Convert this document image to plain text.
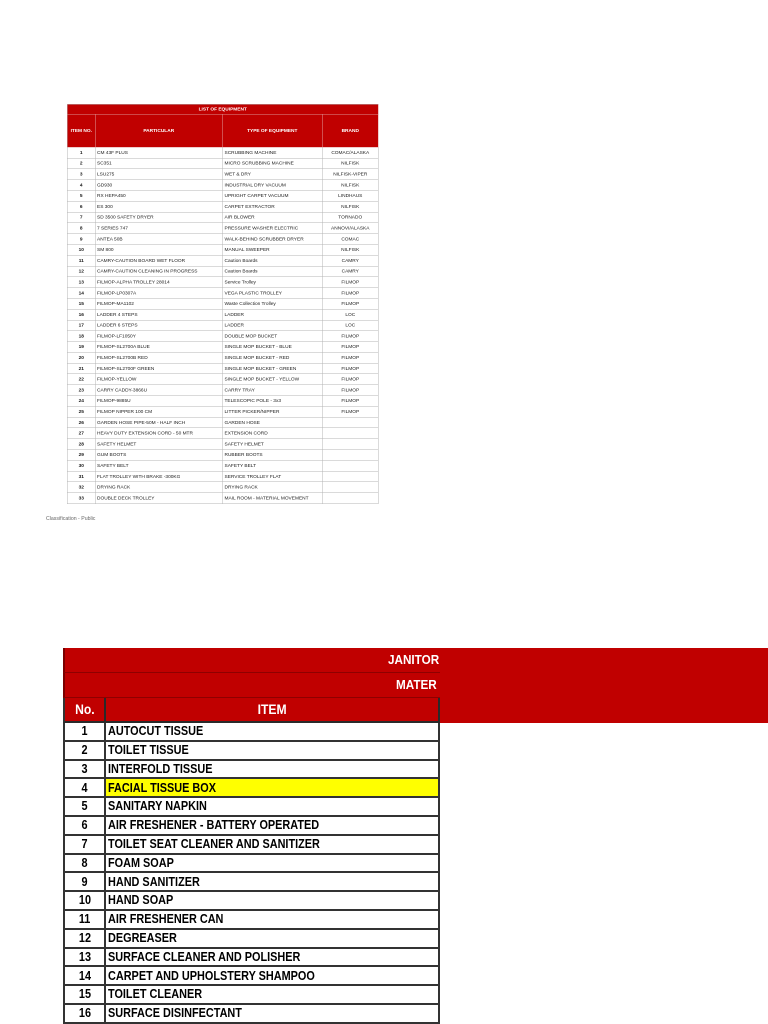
LIST OF EQUIPMENT
ITEM NO.	PARTICULAR	TYPE OF EQUIPMENT	BRAND
1	CM 43F PLUS	SCRUBBING MACHINE	COMAC/ALASKA
2	SC351	MICRO SCRUBBING MACHINE	NILFISK
3	LSU275	WET & DRY	NILFISK-VIPER
4	GD930	INDUSTRIAL DRY VACUUM	NILFISK
5	RX HEPA450	UPRIGHT CARPET VACUUM	LINDHAUS
6	ES 300	CARPET EXTRACTOR	NILFISK
7	SD 3500 SAFETY DRYER	AIR BLOWER	TORNADO
8	7 SERIES 747	PRESSURE WASHER ELECTRIC	ANNOVI/ALASKA
9	ANTEA 50B	WALK-BEHIND SCRUBBER DRYER	COMAC
10	SM 800	MANUAL SWEEPER	NILFISK
11	CAMRY-CAUTION BOARD WET FLOOR	Caution Boards	CAMRY
12	CAMRY-CAUTION CLEANING IN PROGRESS	Caution Boards	CAMRY
13	FILMOP-ALPHA TROLLEY 28014	Service Trolley	FILMOP
14	FILMOP-LP0307A	VEGA PLASTIC TROLLEY	FILMOP
15	FILMOP-MA1102	Waste Collection Trolley	FILMOP
16	LADDER 4 STEPS	LADDER	LOC
17	LADDER 6 STEPS	LADDER	LOC
18	FILMOP-LF1050Y	DOUBLE MOP BUCKET	FILMOP
19	FILMOP-SL2700A BLUE	SINGLE MOP BUCKET - BLUE	FILMOP
20	FILMOP-SL2700B RED	SINGLE MOP BUCKET - RED	FILMOP
21	FILMOP-SL2700F GREEN	SINGLE MOP BUCKET - GREEN	FILMOP
22	FILMOP-YELLOW	SINGLE MOP BUCKET - YELLOW	FILMOP
23	CARRY CADDY-3866U	CARRY TRAY	FILMOP
24	FILMOP-9885U	TELESCOPIC POLE - 3x3	FILMOP
25	FILMOP NIPPER 100 CM	LITTER PICKER/NIPPER	FILMOP
26	GARDEN HOSE PIPE-50M - HALF INCH	GARDEN HOSE
27	HEAVY DUTY EXTENSION CORD - 50 MTR	EXTENSION CORD
28	SAFETY HELMET	SAFETY HELMET
29	GUM BOOTS	RUBBER BOOTS
30	SAFETY BELT	SAFETY BELT
31	FLAT TROLLEY WITH BRAKE -300KG	SERVICE TROLLEY FLAT
32	DRYING RACK	DRYING RACK
33	DOUBLE DECK TROLLEY	MAIL ROOM - MATERIAL MOVEMENT
Classification - Public
JANITOR
MATER
No.	ITEM
1 AUTOCUT TISSUE
2 TOILET TISSUE
3 INTERFOLD TISSUE
4 FACIAL TISSUE BOX
5 SANITARY NAPKIN
6 AIR FRESHENER - BATTERY OPERATED
7 TOILET SEAT CLEANER AND SANITIZER
8 FOAM SOAP
9 HAND SANITIZER
10 HAND SOAP
11 AIR FRESHENER CAN
12 DEGREASER
13 SURFACE CLEANER AND POLISHER
14 CARPET AND UPHOLSTERY SHAMPOO
15 TOILET CLEANER
16 SURFACE DISINFECTANT
